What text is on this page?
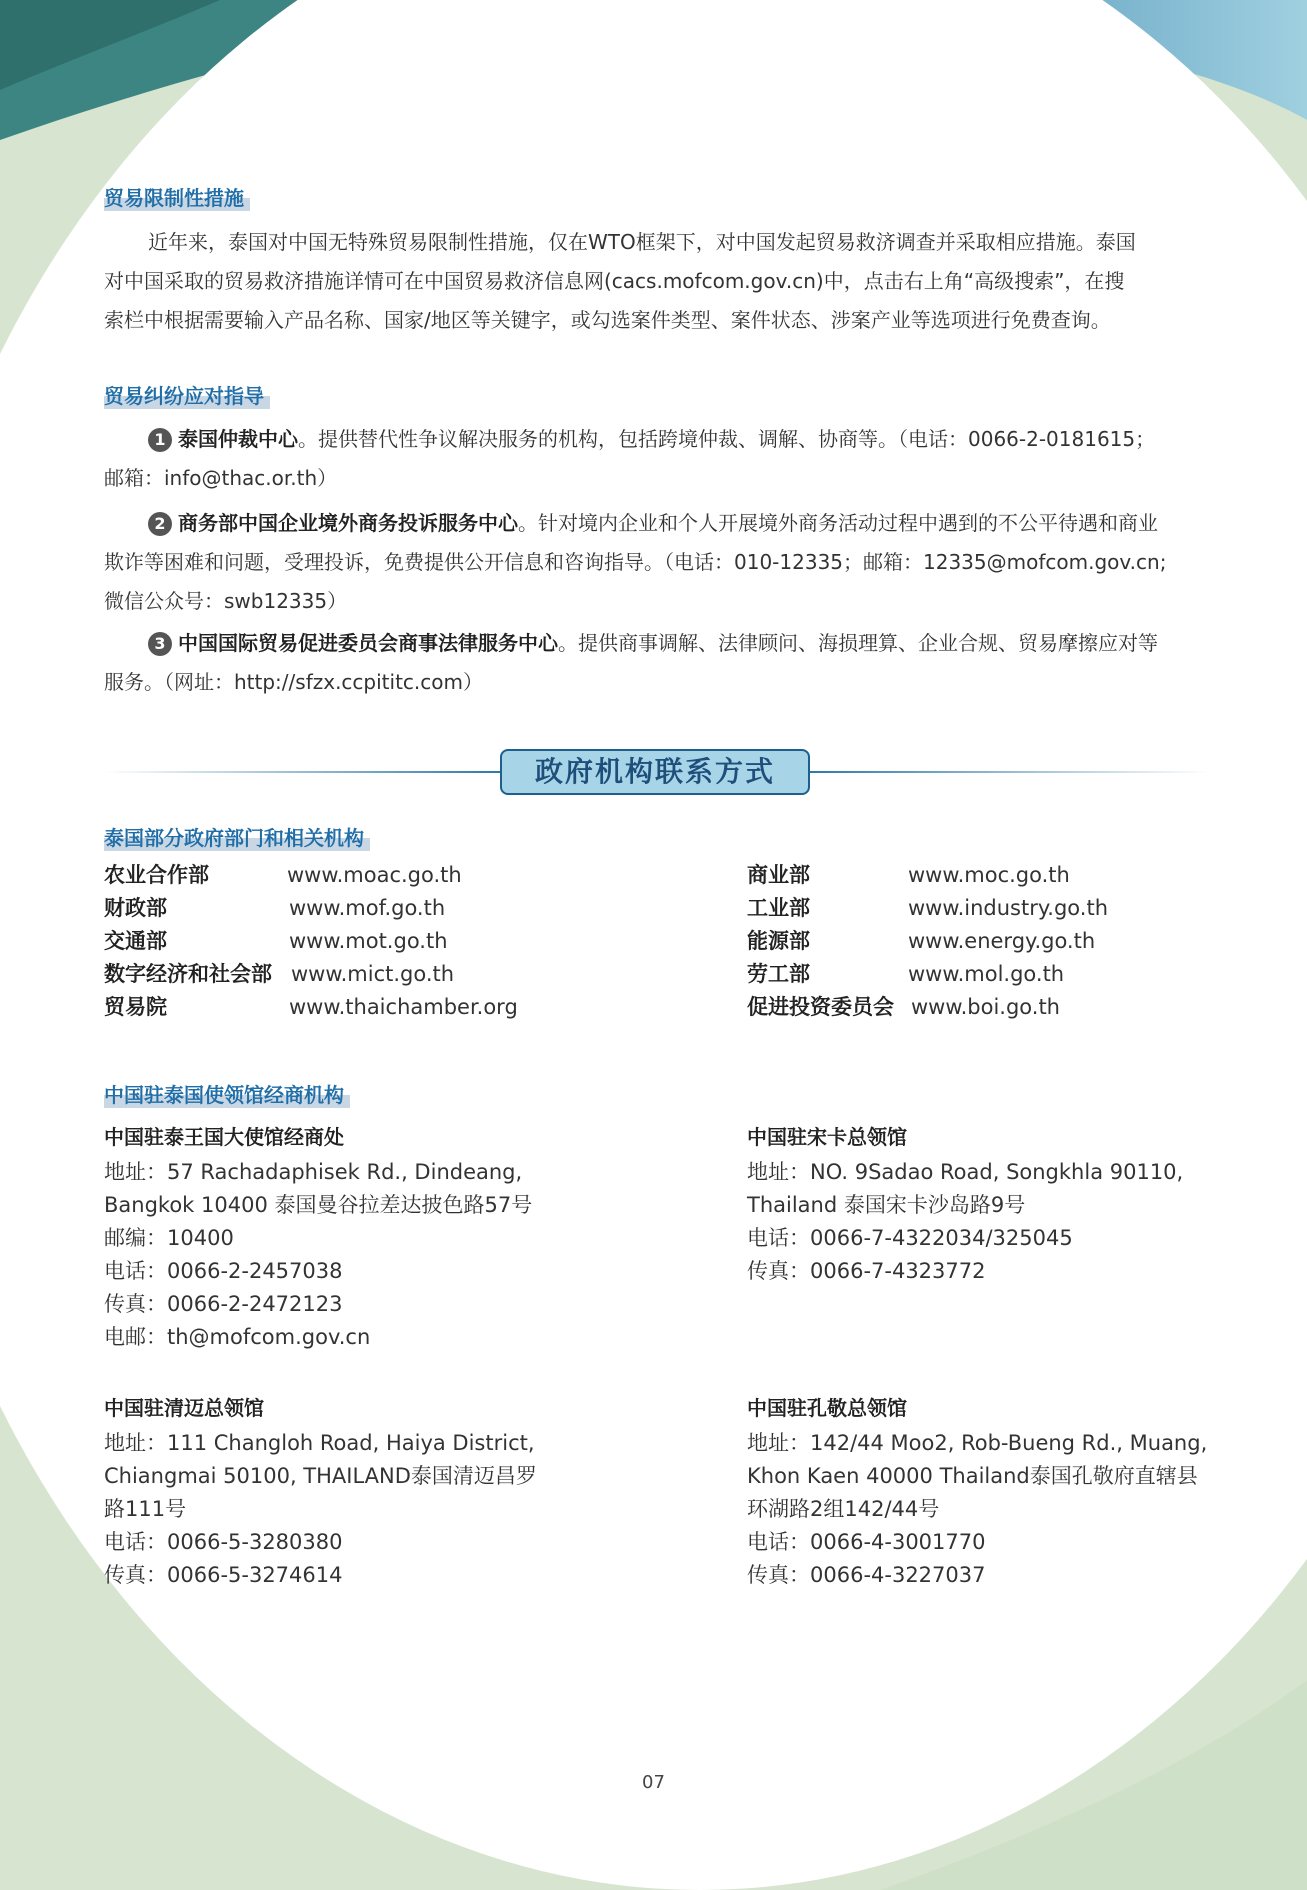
贸易限制性措施
近年来，泰国对中国无特殊贸易限制性措施，仅在WTO框架下，对中国发起贸易救济调查并采取相应措施。泰国
对中国采取的贸易救济措施详情可在中国贸易救济信息网(cacs.mofcom.gov.cn)中，点击右上角“高级搜索”，在搜
索栏中根据需要输入产品名称、国家/地区等关键字，或勾选案件类型、案件状态、涉案产业等选项进行免费查询。
贸易纠纷应对指导
1 泰国仲裁中心。提供替代性争议解决服务的机构，包括跨境仲裁、调解、协商等。（电话：0066-2-0181615；
邮箱：info@thac.or.th）
2 商务部中国企业境外商务投诉服务中心。针对境内企业和个人开展境外商务活动过程中遇到的不公平待遇和商业
欺诈等困难和问题，受理投诉，免费提供公开信息和咨询指导。（电话：010-12335；邮箱：12335@mofcom.gov.cn;
微信公众号：swb12335）
3 中国国际贸易促进委员会商事法律服务中心。提供商事调解、法律顾问、海损理算、企业合规、贸易摩擦应对等
服务。（网址：http://sfzx.ccpititc.com）
政府机构联系方式
泰国部分政府部门和相关机构
农业合作部	www.moac.go.th
财政部	www.mof.go.th
交通部	www.mot.go.th
数字经济和社会部 www.mict.go.th
贸易院	www.thaichamber.org
商业部	www.moc.go.th
工业部	www.industry.go.th
能源部	www.energy.go.th
劳工部	www.mol.go.th
促进投资委员会 www.boi.go.th
中国驻泰国使领馆经商机构
中国驻泰王国大使馆经商处
地址：57 Rachadaphisek Rd., Dindeang,
Bangkok 10400 泰国曼谷拉差达披色路57号
邮编：10400
电话：0066-2-2457038
传真：0066-2-2472123
电邮：th@mofcom.gov.cn
中国驻宋卡总领馆
地址：NO. 9Sadao Road, Songkhla 90110,
Thailand 泰国宋卡沙岛路9号
电话：0066-7-4322034/325045
传真：0066-7-4323772
中国驻清迈总领馆
地址：111 Changloh Road, Haiya District,
Chiangmai 50100, THAILAND泰国清迈昌罗
路111号
电话：0066-5-3280380
传真：0066-5-3274614
中国驻孔敬总领馆
地址：142/44 Moo2, Rob-Bueng Rd., Muang,
Khon Kaen 40000 Thailand泰国孔敬府直辖县
环湖路2组142/44号
电话：0066-4-3001770
传真：0066-4-3227037
07
